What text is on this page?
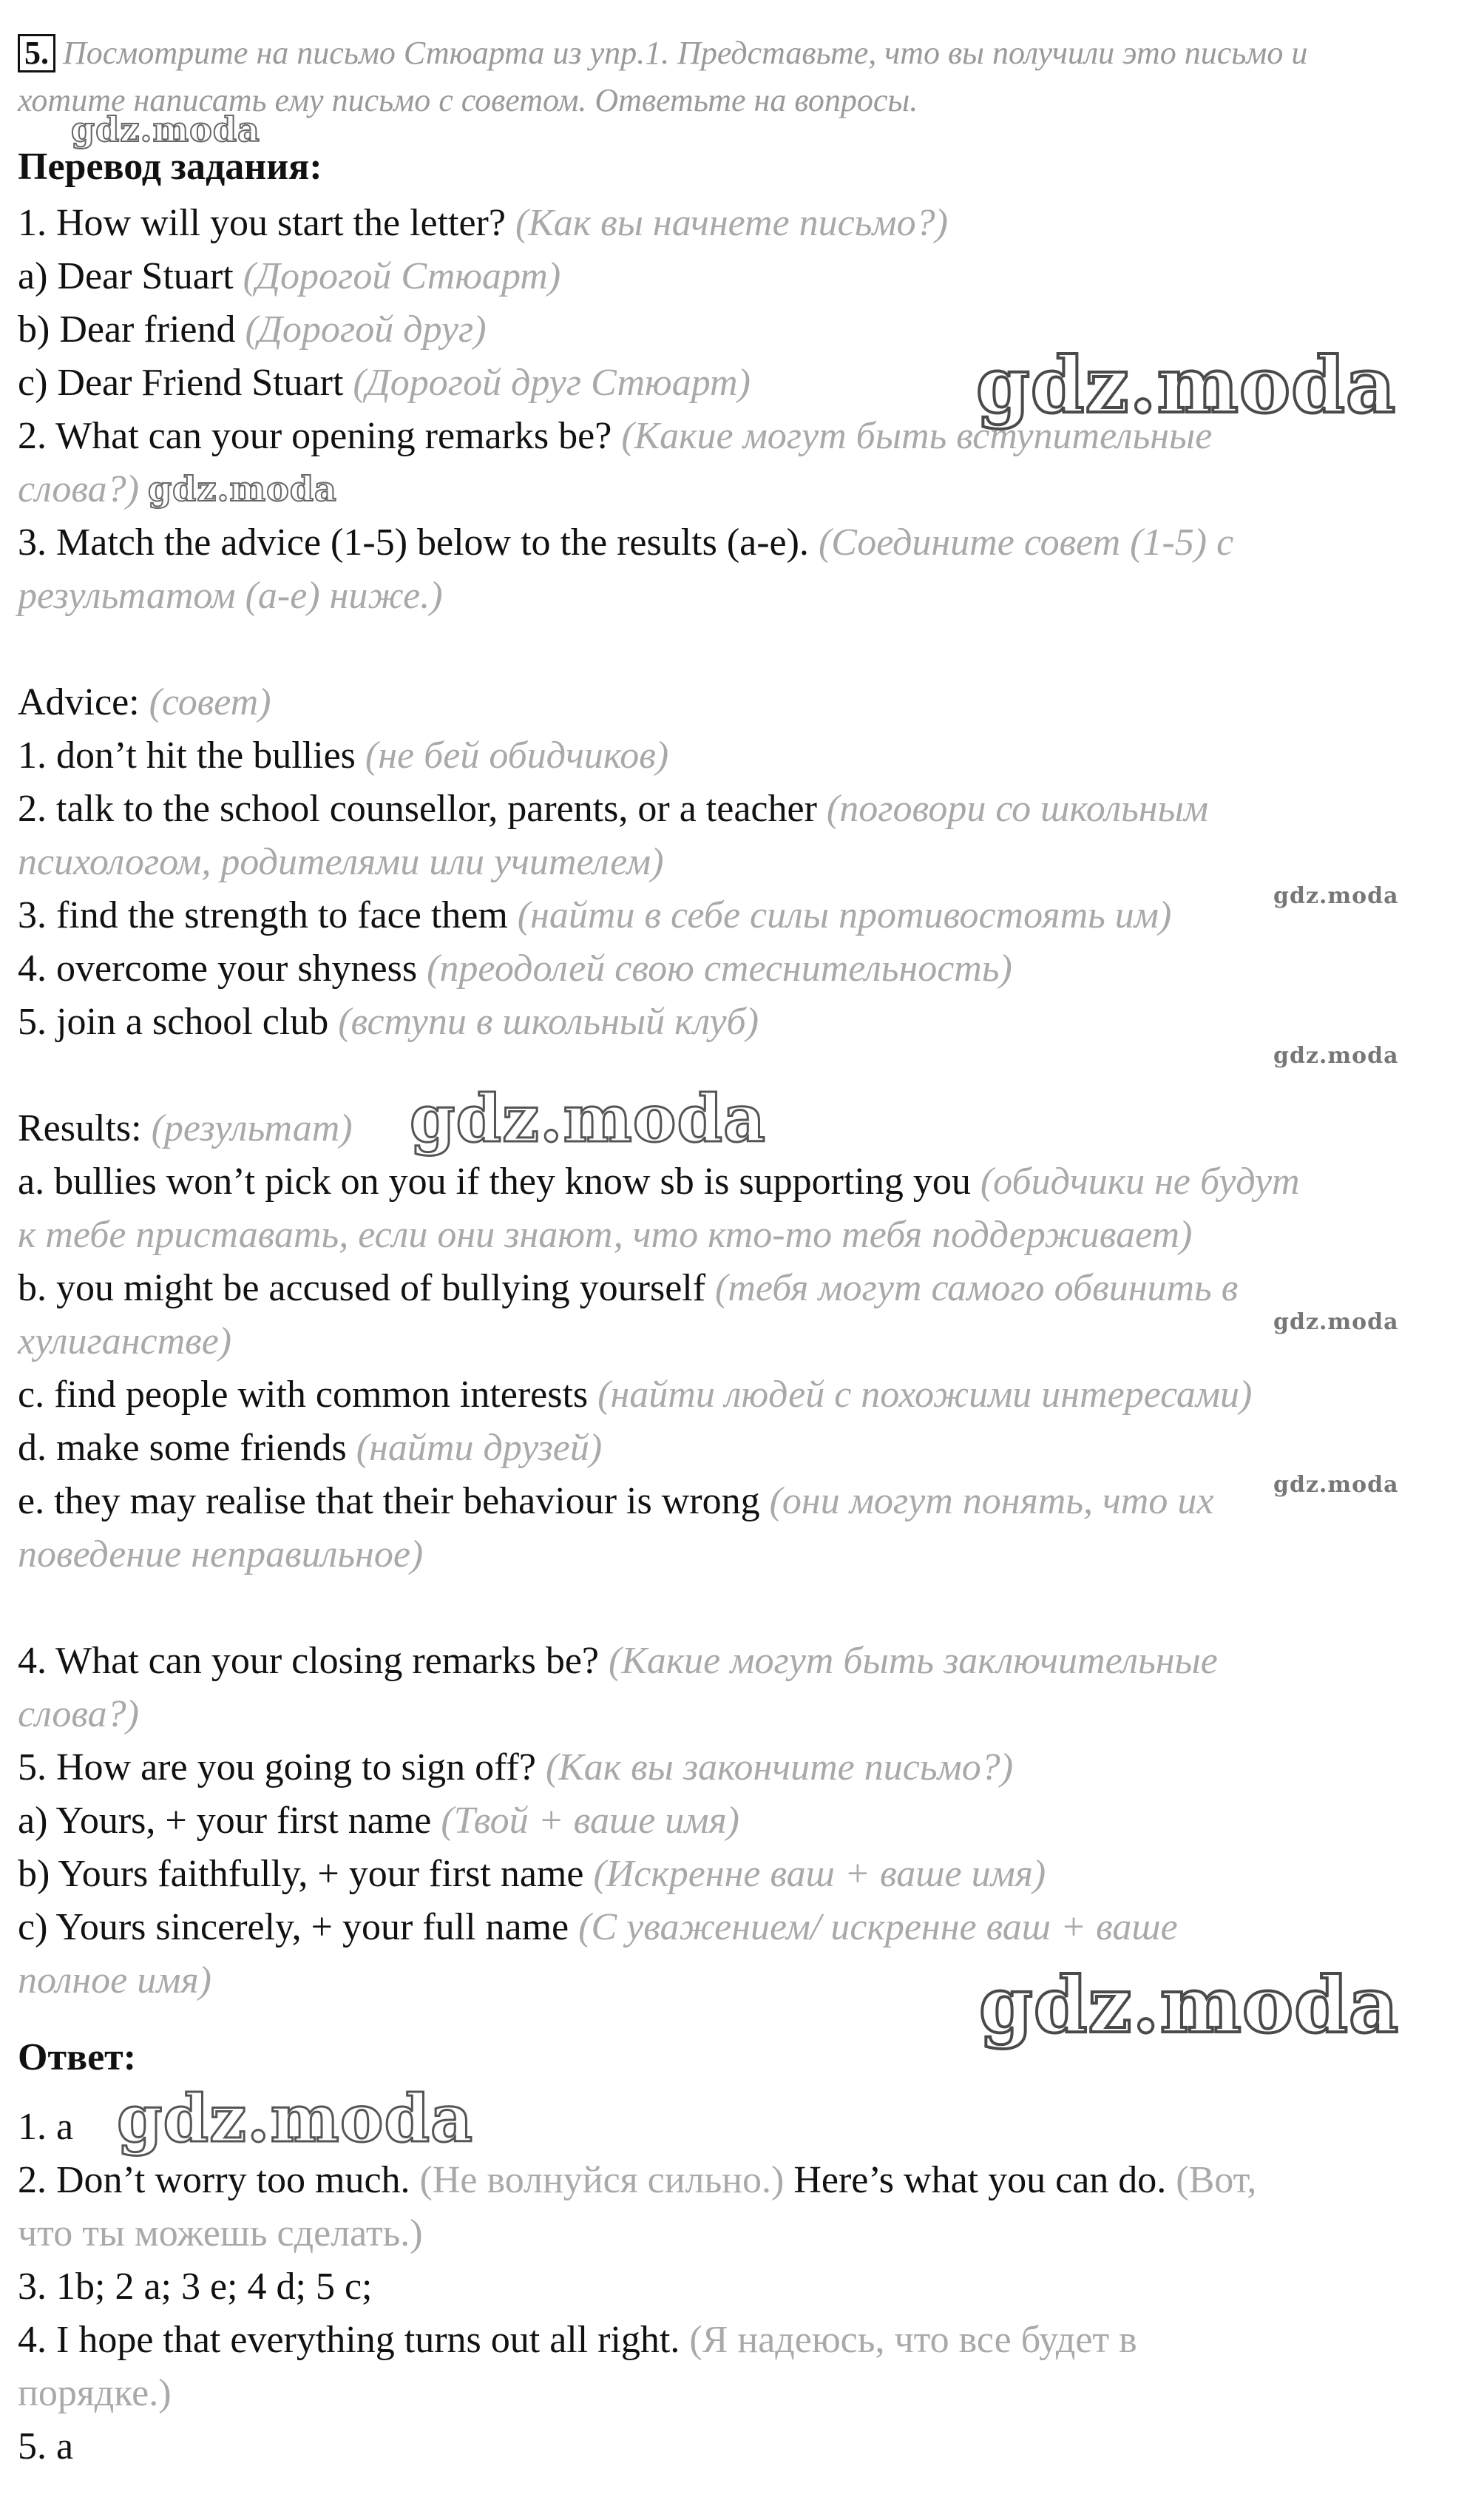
5. Посмотрите на письмо Стюарта из упр.1. Представьте, что вы получили это письмо и хотите написать ему письмо с советом. Ответьте на вопросы.
Перевод задания:
1. How will you start the letter? (Как вы начнете письмо?)
a) Dear Stuart (Дорогой Стюарт)
b) Dear friend (Дорогой друг)
c) Dear Friend Stuart (Дорогой друг Стюарт)
2. What can your opening remarks be? (Какие могут быть вступительные
слова?)
3. Match the advice (1-5) below to the results (a-e). (Соедините совет (1-5) с
результатом (a-e) ниже.)
Advice: (совет)
1. don’t hit the bullies (не бей обидчиков)
2. talk to the school counsellor, parents, or a teacher (поговори со школьным
психологом, родителями или учителем)
3. find the strength to face them (найти в себе силы противостоять им)
4. overcome your shyness (преодолей свою стеснительность)
5. join a school club (вступи в школьный клуб)
Results: (результат)
a. bullies won’t pick on you if they know sb is supporting you (обидчики не будут
к тебе приставать, если они знают, что кто-то тебя поддерживает)
b. you might be accused of bullying yourself (тебя могут самого обвинить в
хулиганстве)
c. find people with common interests (найти людей с похожими интересами)
d. make some friends (найти друзей)
e. they may realise that their behaviour is wrong (они могут понять, что их
поведение неправильное)
4. What can your closing remarks be? (Какие могут быть заключительные
слова?)
5. How are you going to sign off? (Как вы закончите письмо?)
a) Yours, + your first name (Твой + ваше имя)
b) Yours faithfully, + your first name (Искренне ваш + ваше имя)
c) Yours sincerely, + your full name (С уважением/ искренне ваш + ваше
полное имя)
Ответ:
1. a
2. Don’t worry too much. (Не волнуйся сильно.) Here’s what you can do. (Вот,
что ты можешь сделать.)
3. 1b; 2 a; 3 e; 4 d; 5 c;
4. I hope that everything turns out all right. (Я надеюсь, что все будет в
порядке.)
5. a
gdz.moda
gdz.moda
gdz.moda
gdz.moda
gdz.moda
gdz.moda
gdz.moda
gdz.moda
gdz.moda
gdz.moda
